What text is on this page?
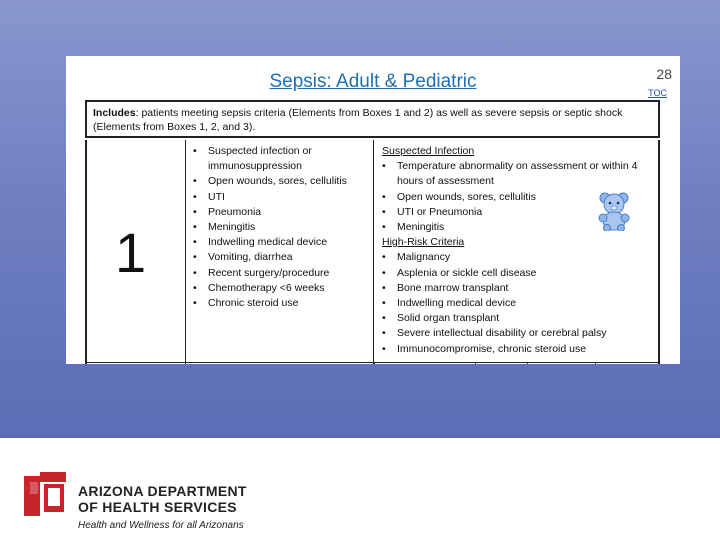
Sepsis: Adult & Pediatric	28
TOC
Includes: patients meeting sepsis criteria (Elements from Boxes 1 and 2) as well as severe sepsis or septic shock (Elements from Boxes 1, 2, and 3).
1
• Suspected infection or immunosuppression
• Open wounds, sores, cellulitis
• UTI
• Pneumonia
• Meningitis
• Indwelling medical device
• Vomiting, diarrhea
• Recent surgery/procedure
• Chemotherapy <6 weeks
• Chronic steroid use
Suspected Infection
• Temperature abnormality on assessment or within 4 hours of assessment
• Open wounds, sores, cellulitis
• UTI or Pneumonia
• Meningitis
High-Risk Criteria
• Malignancy
• Asplenia or sickle cell disease
• Bone marrow transplant
• Indwelling medical device
• Solid organ transplant
• Severe intellectual disability or cerebral palsy
• Immunocompromise, chronic steroid use
ARIZONA DEPARTMENT
OF HEALTH SERVICES
Health and Wellness for all Arizonans
